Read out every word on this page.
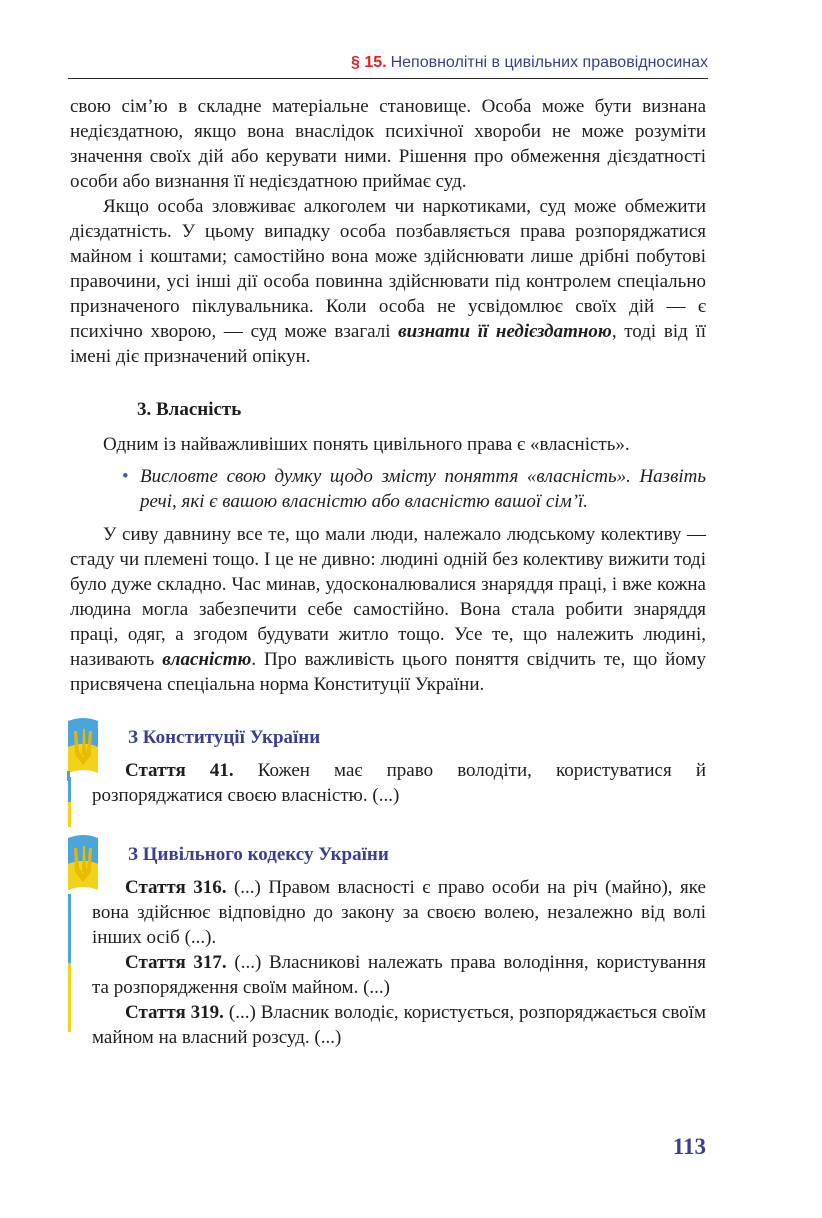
§ 15. Неповнолітні в цивільних правовідносинах

свою сім’ю в складне матеріальне становище. Особа може бути визнана недієздатною, якщо вона внаслідок психічної хвороби не може розуміти значення своїх дій або керувати ними. Рішення про обмеження дієздатності особи або визнання її недієздатною приймає суд.

Якщо особа зловживає алкоголем чи наркотиками, суд може обмежити дієздатність. У цьому випадку особа позбавляється права розпоряджатися майном і коштами; самостійно вона може здійснювати лише дрібні побутові правочини, усі інші дії особа повинна здійснювати під контролем спеціально призначеного піклувальника. Коли особа не усвідомлює своїх дій — є психічно хворою, — суд може взагалі визнати її недієздатною, тоді від її імені діє призначений опікун.

3. Власність

Одним із найважливіших понять цивільного права є «власність».

• Висловте свою думку щодо змісту поняття «власність». Назвіть речі, які є вашою власністю або власністю вашої сім’ї.

У сиву давнину все те, що мали люди, належало людському колективу — стаду чи племені тощо. І це не дивно: людині одній без колективу вижити тоді було дуже складно. Час минав, удосконалювалися знаряддя праці, і вже кожна людина могла забезпечити себе самостійно. Вона стала робити знаряддя праці, одяг, а згодом будувати житло тощо. Усе те, що належить людині, називають власністю. Про важливість цього поняття свідчить те, що йому присвячена спеціальна норма Конституції України.

З Конституції України

Стаття 41. Кожен має право володіти, користуватися й розпоряджатися своєю власністю. (...)

З Цивільного кодексу України

Стаття 316. (...) Правом власності є право особи на річ (майно), яке вона здійснює відповідно до закону за своєю волею, незалежно від волі інших осіб (...).

Стаття 317. (...) Власникові належать права володіння, користування та розпорядження своїм майном. (...)

Стаття 319. (...) Власник володіє, користується, розпоряджається своїм майном на власний розсуд. (...)

113
